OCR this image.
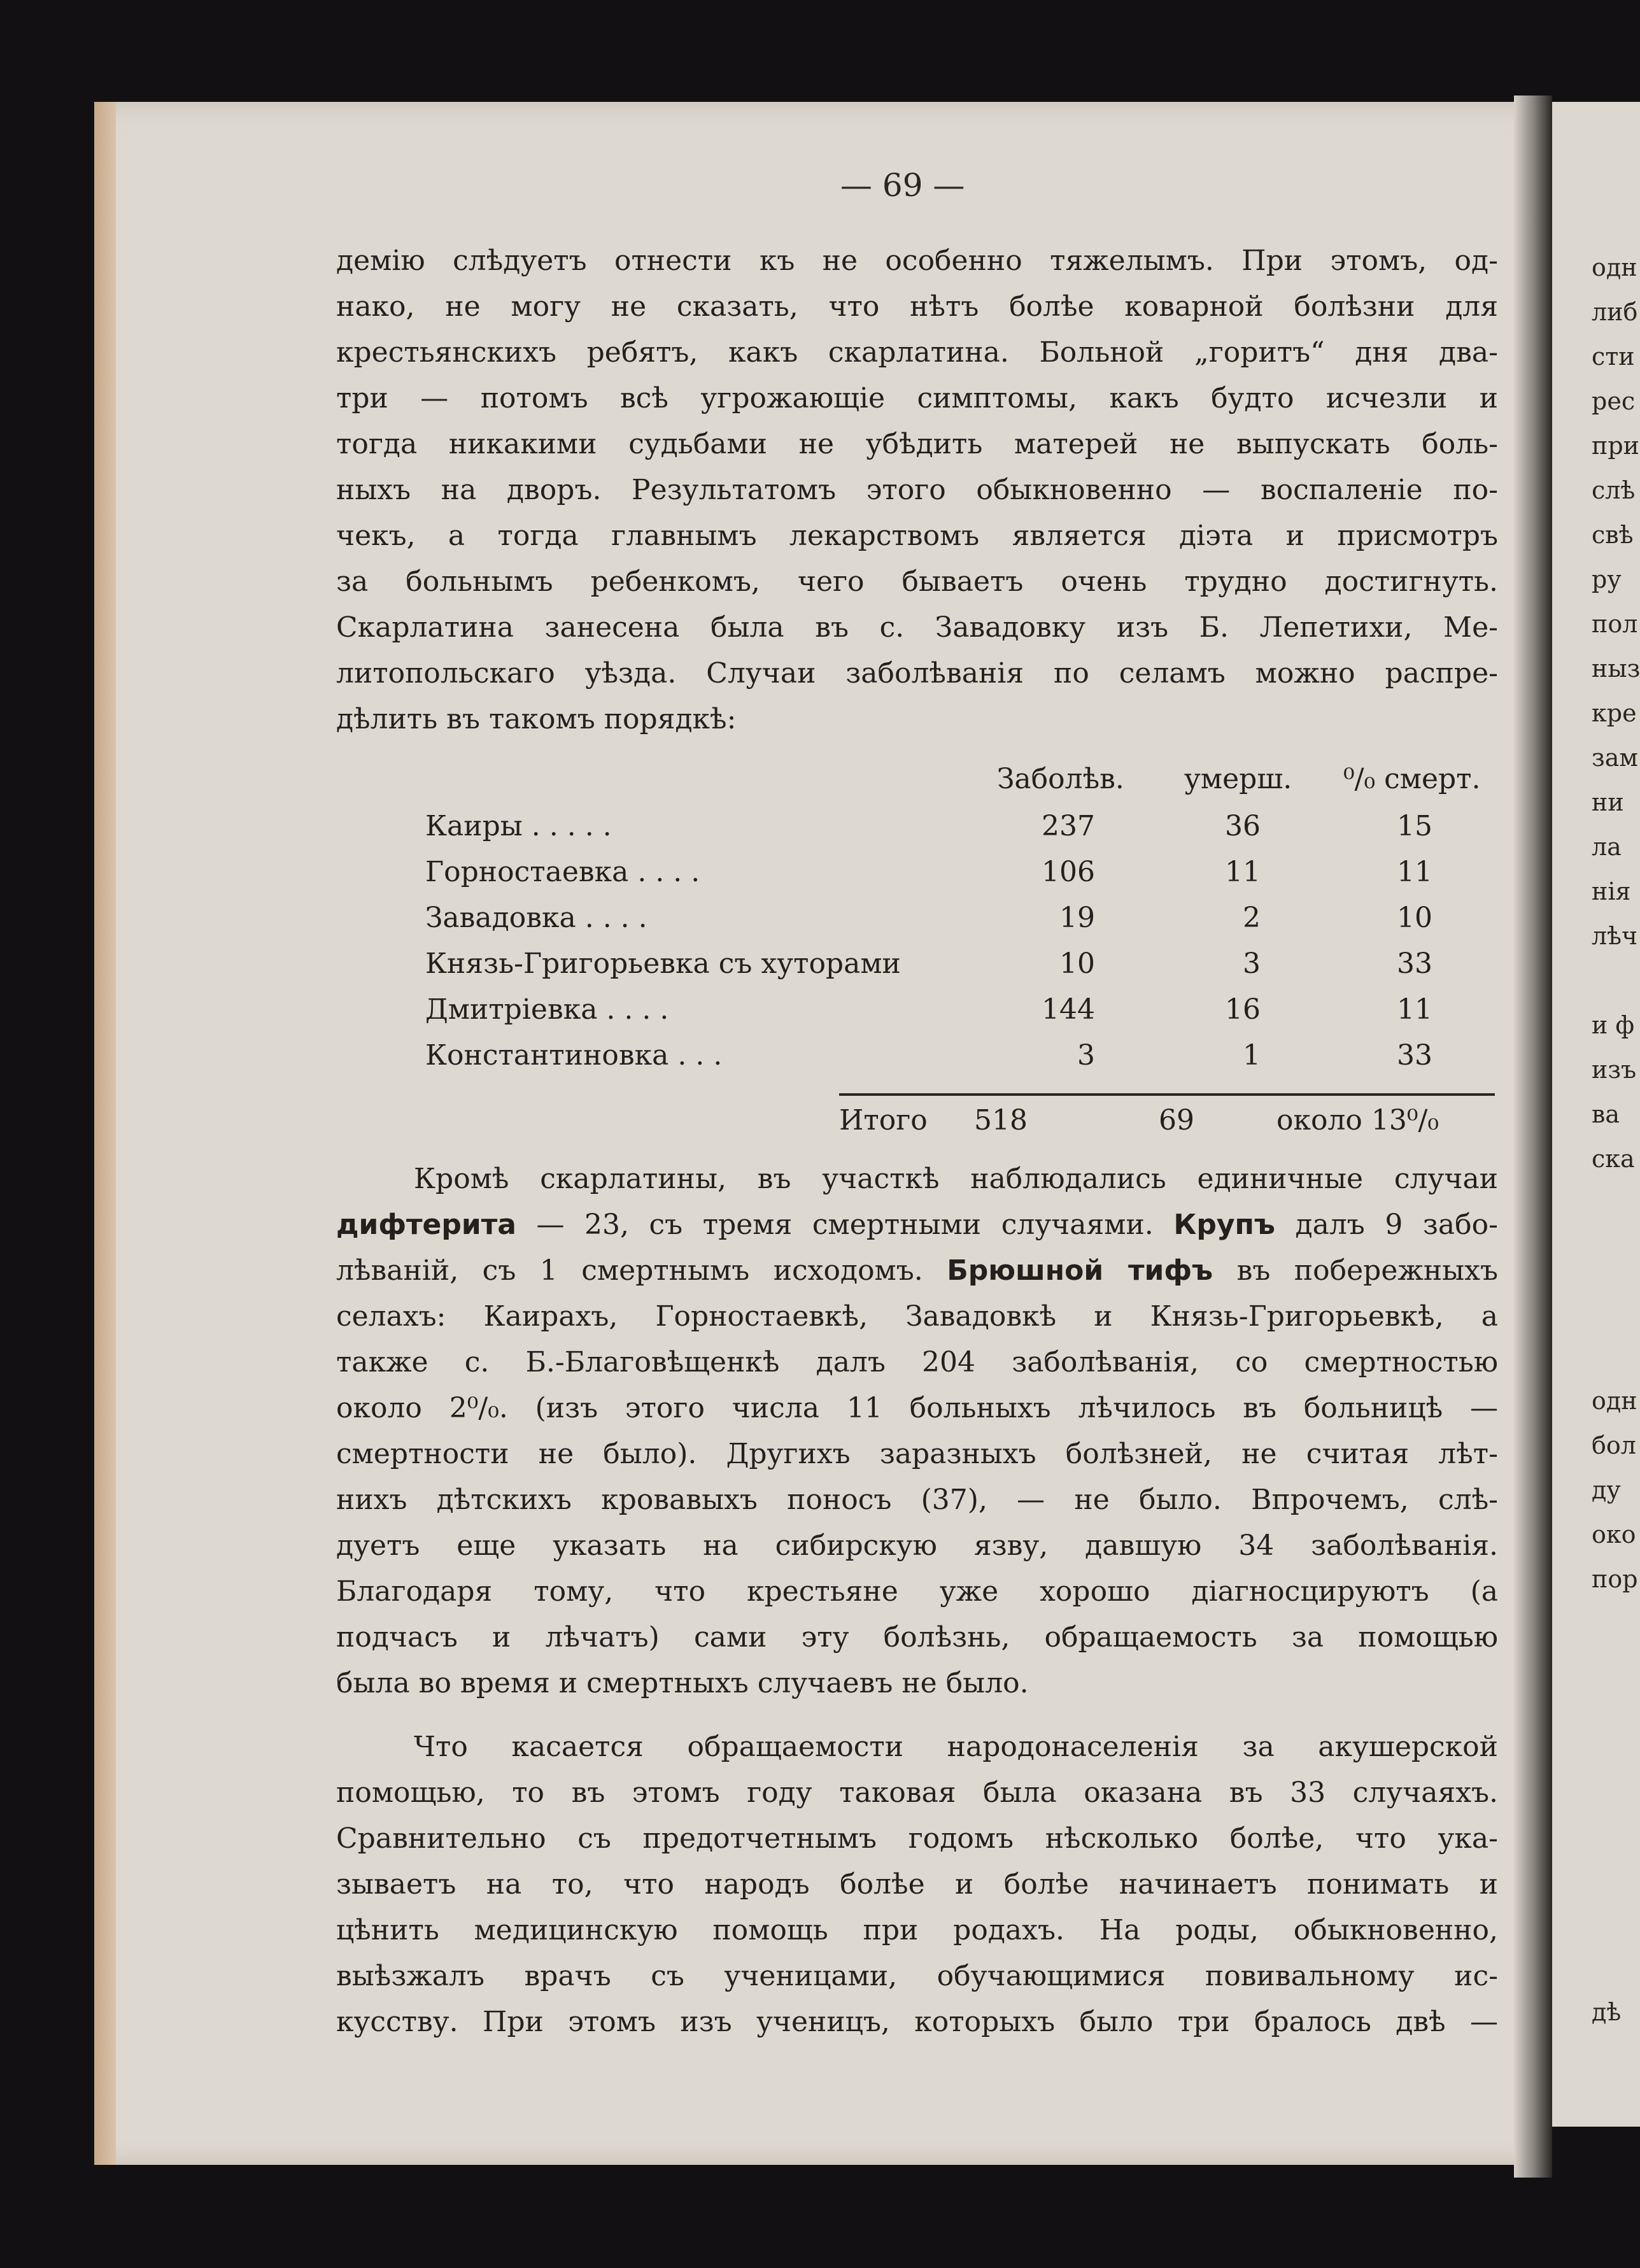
одн
либ
сти
рес
при
слѣ
свѣ
ру
пол
ныз
кре
зам
ни
ла
нія
лѣч
и ф
изъ
ва
ска
одн
бол
ду
око
пор
дѣ
— 69 —
демію слѣдуетъ отнести къ не особенно тяжелымъ. При этомъ, од-
нако, не могу не сказать, что нѣтъ болѣе коварной болѣзни для
крестьянскихъ ребятъ, какъ скарлатина. Больной „горитъ“ дня два-
три — потомъ всѣ угрожающіе симптомы, какъ будто исчезли и
тогда никакими судьбами не убѣдить матерей не выпускать боль-
ныхъ на дворъ. Результатомъ этого обыкновенно — воспаленіе по-
чекъ, а тогда главнымъ лекарствомъ является діэта и присмотръ
за больнымъ ребенкомъ, чего бываетъ очень трудно достигнуть.
Скарлатина занесена была въ с. Завадовку изъ Б. Лепетихи, Ме-
литопольскаго уѣзда. Случаи заболѣванія по селамъ можно распре-
дѣлить въ такомъ порядкѣ:
Заболѣв. умерш. ⁰/₀ смерт.
Каиры . . . . .	237	36	15
Горностаевка . . . .	106	11	11
Завадовка . . . .	19	2	10
Князь-Григорьевка съ хуторами	10	3	33
Дмитріевка . . . .	144	16	11
Константиновка . . .	3	1	33
Итого 518	69	около 13⁰/₀
Кромѣ скарлатины, въ участкѣ наблюдались единичные случаи
дифтерита — 23, съ тремя смертными случаями. Крупъ далъ 9 забо-
лѣваній, съ 1 смертнымъ исходомъ. Брюшной тифъ въ побережныхъ
селахъ: Каирахъ, Горностаевкѣ, Завадовкѣ и Князь-Григорьевкѣ, а
также с. Б.-Благовѣщенкѣ далъ 204 заболѣванія, со смертностью
около 2⁰/₀. (изъ этого числа 11 больныхъ лѣчилось въ больницѣ —
смертности не было). Другихъ заразныхъ болѣзней, не считая лѣт-
нихъ дѣтскихъ кровавыхъ поносъ (37), — не было. Впрочемъ, слѣ-
дуетъ еще указать на сибирскую язву, давшую 34 заболѣванія.
Благодаря тому, что крестьяне уже хорошо діагносцируютъ (а
подчасъ и лѣчатъ) сами эту болѣзнь, обращаемость за помощью
была во время и смертныхъ случаевъ не было.
Что касается обращаемости народонаселенія за акушерской
помощью, то въ этомъ году таковая была оказана въ 33 случаяхъ.
Сравнительно съ предотчетнымъ годомъ нѣсколько болѣе, что ука-
зываетъ на то, что народъ болѣе и болѣе начинаетъ понимать и
цѣнить медицинскую помощь при родахъ. На роды, обыкновенно,
выѣзжалъ врачъ съ ученицами, обучающимися повивальному ис-
кусству. При этомъ изъ ученицъ, которыхъ было три бралось двѣ —
